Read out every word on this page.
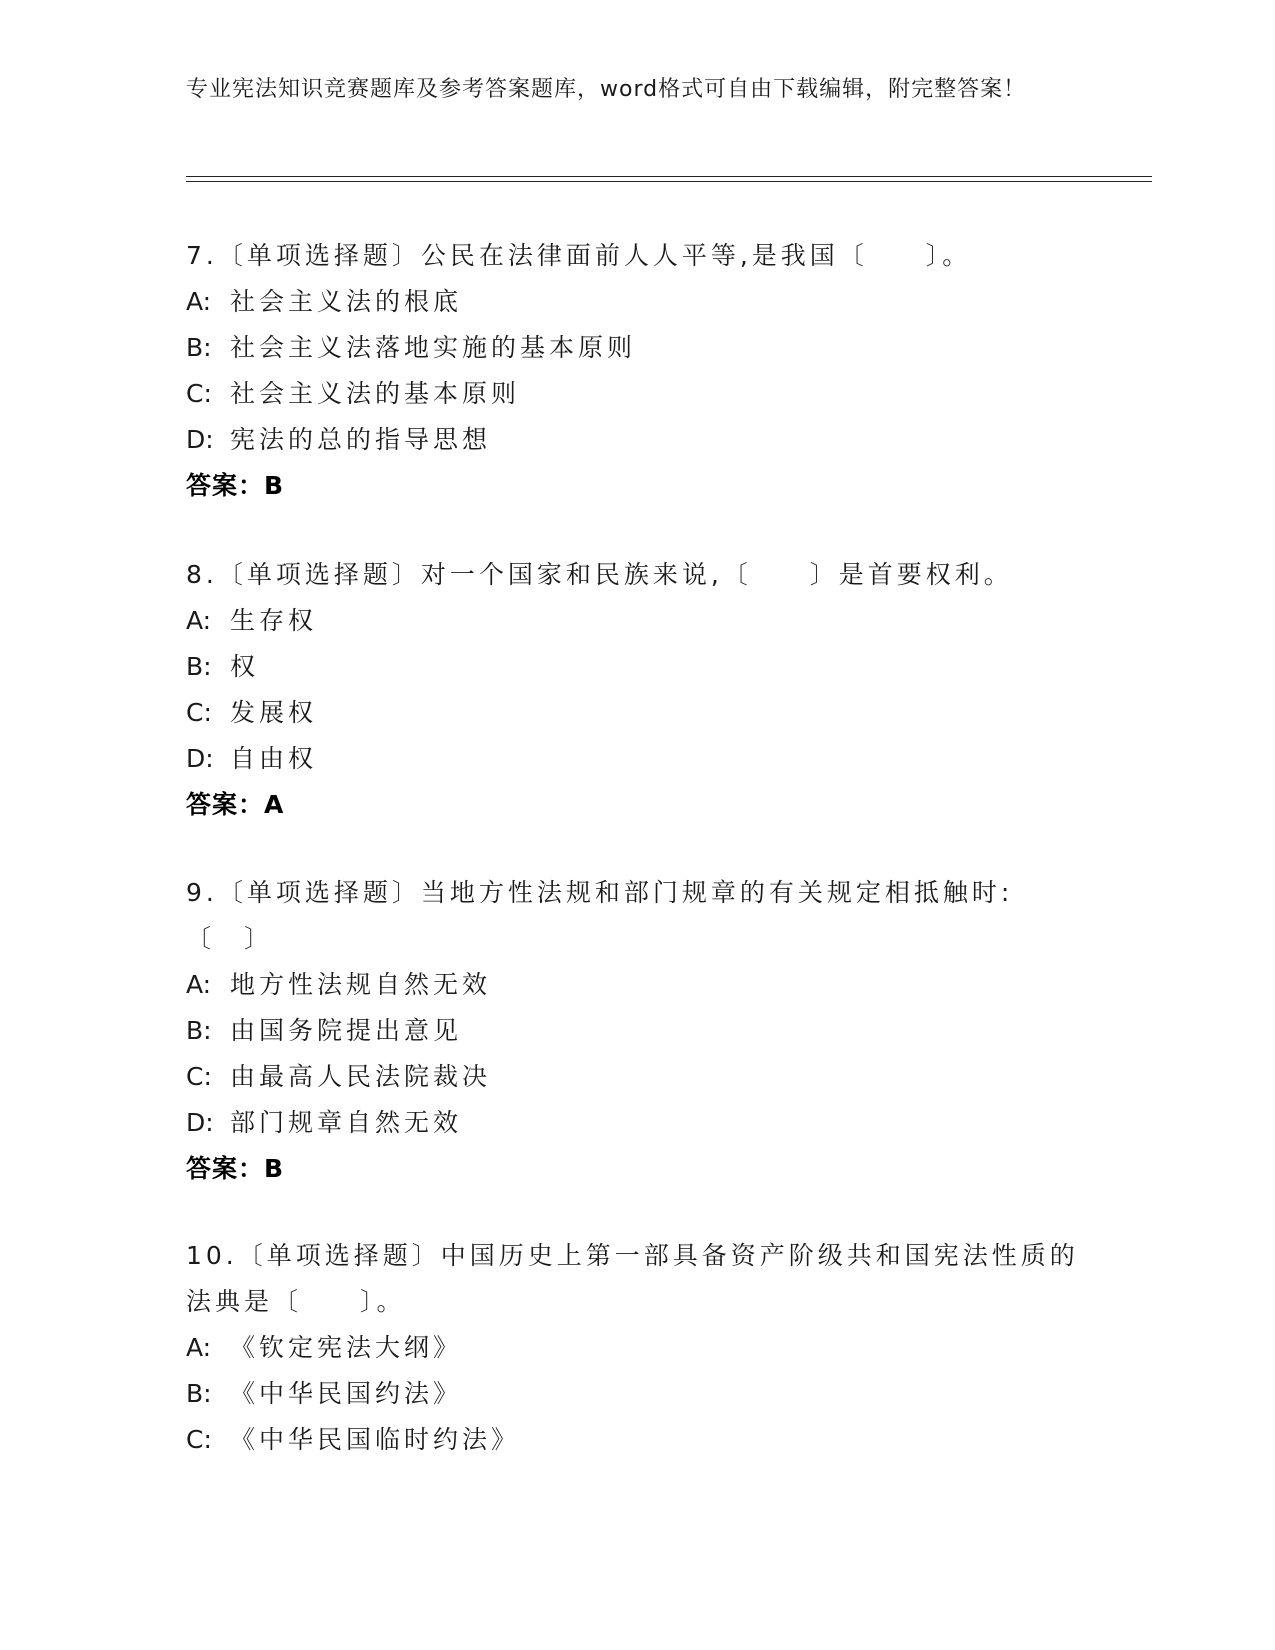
专业宪法知识竞赛题库及参考答案题库，word格式可自由下载编辑，附完整答案！
7.〔单项选择题〕公民在法律面前人人平等,是我国〔　　〕。
A: 社会主义法的根底
B: 社会主义法落地实施的基本原则
C: 社会主义法的基本原则
D: 宪法的总的指导思想
答案：B
8.〔单项选择题〕对一个国家和民族来说,〔　　〕是首要权利。
A: 生存权
B: 权
C: 发展权
D: 自由权
答案：A
9.〔单项选择题〕当地方性法规和部门规章的有关规定相抵触时:〔　〕
A: 地方性法规自然无效
B: 由国务院提出意见
C: 由最高人民法院裁决
D: 部门规章自然无效
答案：B
10.〔单项选择题〕中国历史上第一部具备资产阶级共和国宪法性质的法典是〔　　〕。
A: 《钦定宪法大纲》
B: 《中华民国约法》
C: 《中华民国临时约法》
